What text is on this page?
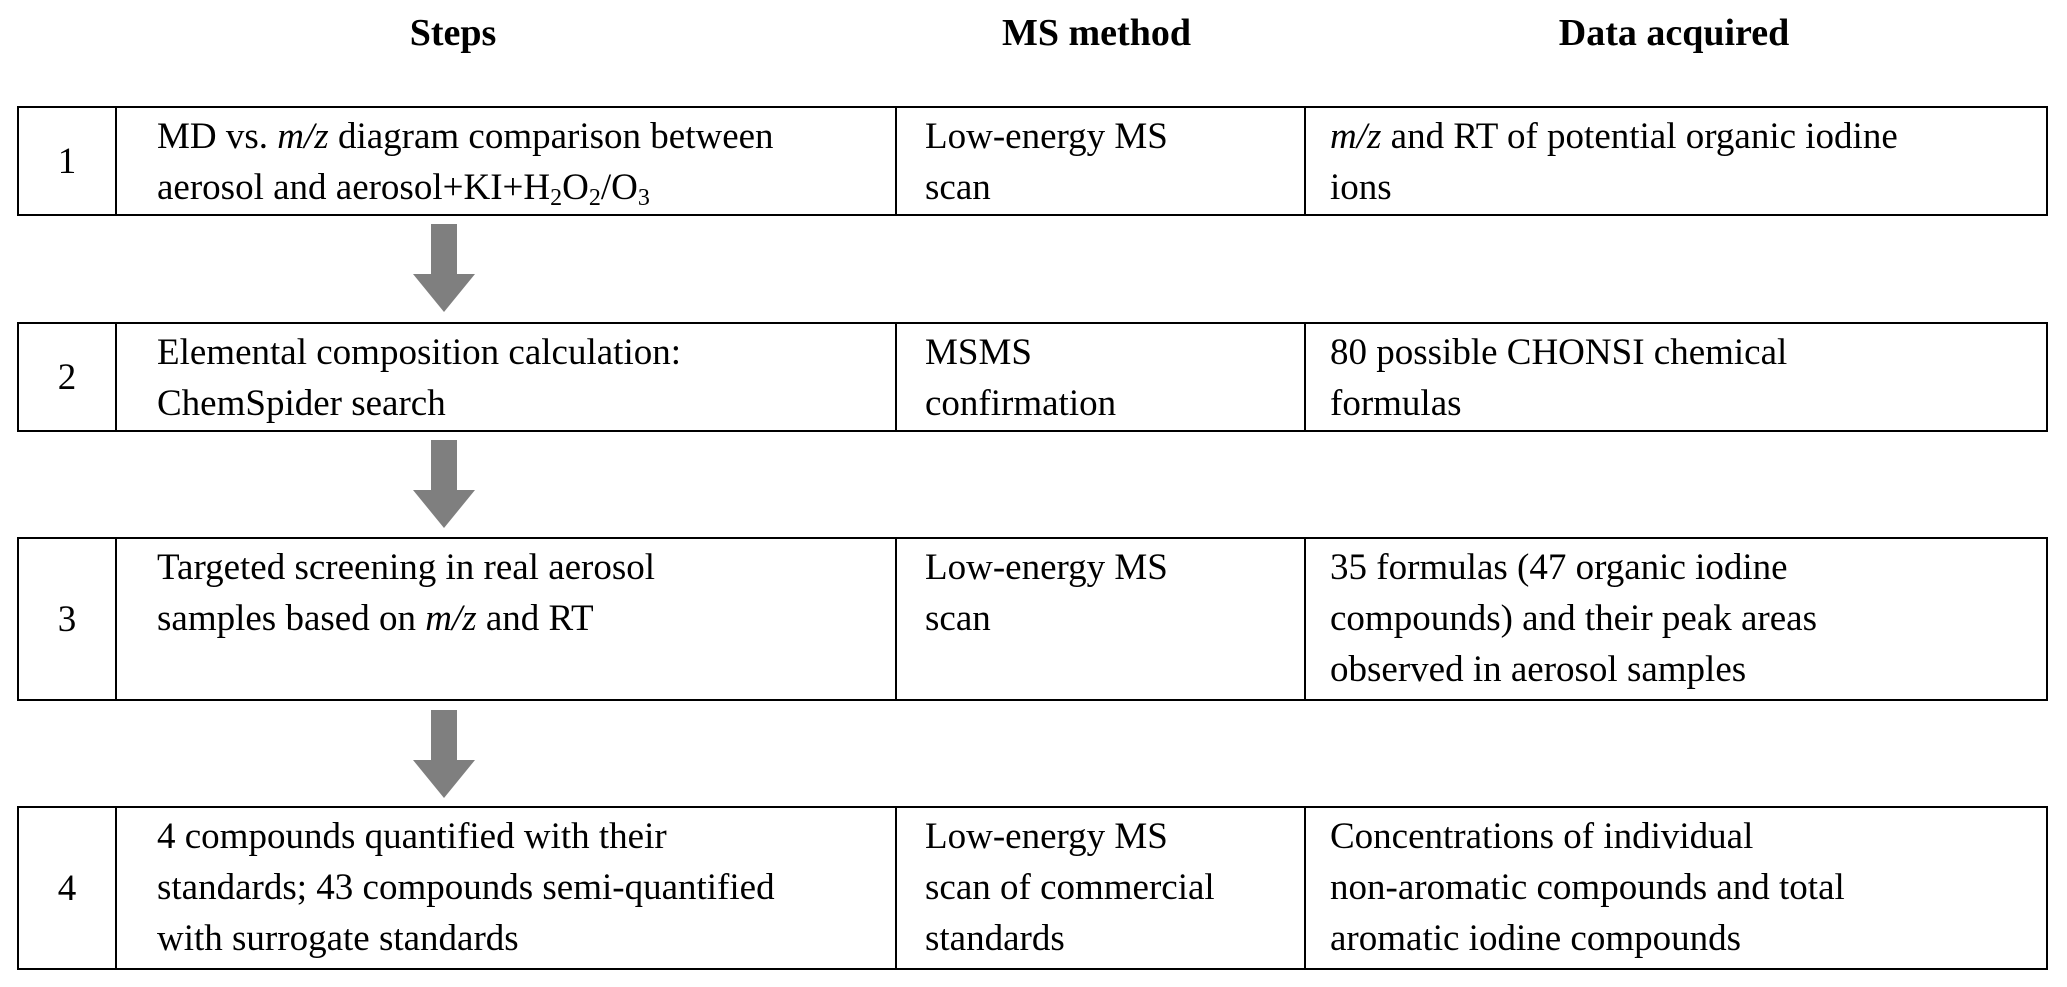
Steps	MS method	Data acquired
1
MD vs. m/z diagram comparison between
aerosol and $aerosol+KI+H_2O_2/O_3$
Low-energy MS
scan
m/z and RT of potential organic iodine
ions
2
Elemental composition calculation:
ChemSpider search
MSMS
confirmation
80 possible CHONSI chemical
formulas
3
Targeted screening in real aerosol
samples based on m/z and RT
Low-energy MS
scan
35 formulas (47 organic iodine
compounds) and their peak areas
observed in aerosol samples
4
4 compounds quantified with their
standards; 43 compounds semi-quantified
with surrogate standards
Low-energy MS
scan of commercial
standards
Concentrations of individual
non-aromatic compounds and total
aromatic iodine compounds
